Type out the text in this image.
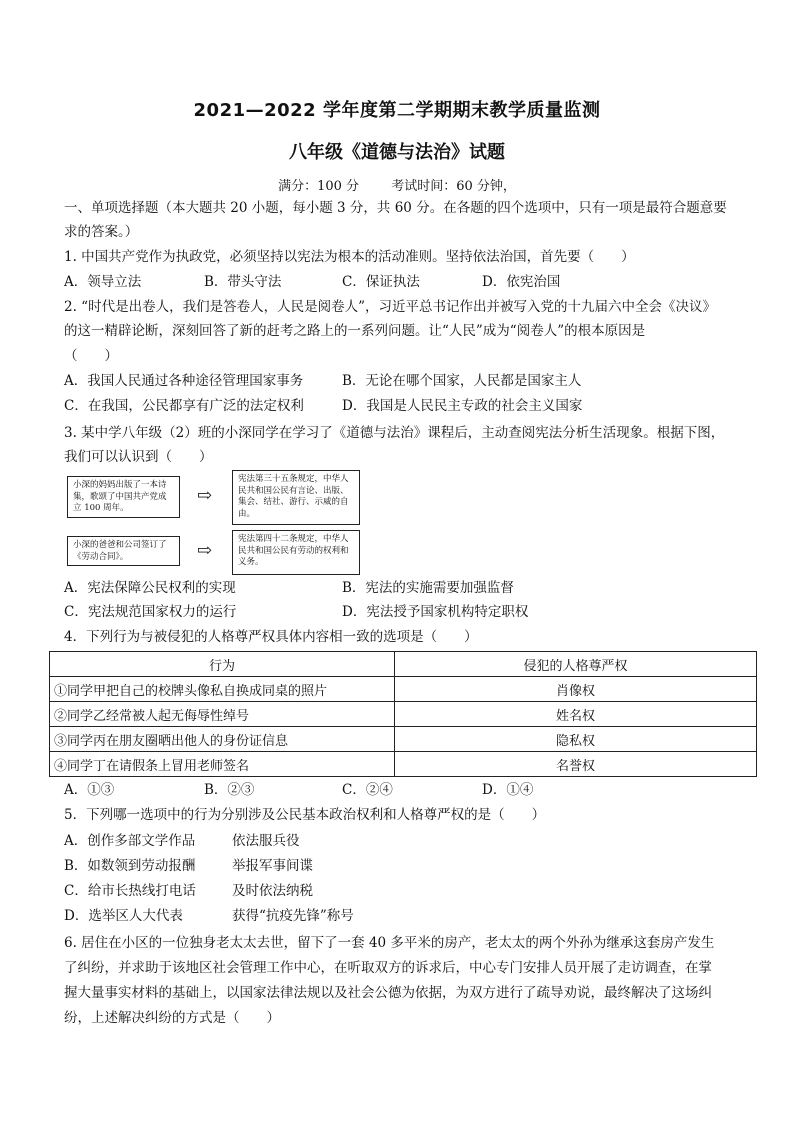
2021—2022 学年度第二学期期末教学质量监测
八年级《道德与法治》试题
满分：100 分 考试时间：60 分钟，
一、单项选择题（本大题共 20 小题，每小题 3 分，共 60 分。在各题的四个选项中，只有一项是最符合题意要
求的答案。）
1. 中国共产党作为执政党，必须坚持以宪法为根本的活动准则。坚持依法治国，首先要（　　）
A．领导立法	B．带头守法	C．保证执法	D．依宪治国
2. “时代是出卷人，我们是答卷人，人民是阅卷人”，习近平总书记作出并被写入党的十九届六中全会《决议》
的这一精辟论断，深刻回答了新的赶考之路上的一系列问题。让“人民”成为“阅卷人”的根本原因是
（　　）
A．我国人民通过各种途径管理国家事务	B．无论在哪个国家，人民都是国家主人
C．在我国，公民都享有广泛的法定权利	D．我国是人民民主专政的社会主义国家
3. 某中学八年级（2）班的小深同学在学习了《道德与法治》课程后，主动查阅宪法分析生活现象。根据下图，
我们可以认识到（　　）
小深的妈妈出版了一本诗集，歌颂了中国共产党成立 100 周年。
⇨
宪法第三十五条规定，中华人民共和国公民有言论、出版、集会、结社、游行、示威的自由。
小深的爸爸和公司签订了《劳动合同》。	⇨
宪法第四十二条规定，中华人民共和国公民有劳动的权利和义务。
A．宪法保障公民权利的实现	B．宪法的实施需要加强监督
C．宪法规范国家权力的运行	D．宪法授予国家机构特定职权
4．下列行为与被侵犯的人格尊严权具体内容相一致的选项是（　　）
行为	侵犯的人格尊严权
①同学甲把自己的校牌头像私自换成同桌的照片	肖像权
②同学乙经常被人起无侮辱性绰号	姓名权
③同学丙在朋友圈晒出他人的身份证信息	隐私权
④同学丁在请假条上冒用老师签名	名誉权
A．①③	B．②③	C．②④	D．①④
5．下列哪一选项中的行为分别涉及公民基本政治权利和人格尊严权的是（　　）
A．创作多部文学作品	依法服兵役
B．如数领到劳动报酬	举报军事间谍
C．给市长热线打电话	及时依法纳税
D．选举区人大代表	获得“抗疫先锋”称号
6. 居住在小区的一位独身老太太去世，留下了一套 40 多平米的房产，老太太的两个外孙为继承这套房产发生
了纠纷，并求助于该地区社会管理工作中心，在听取双方的诉求后，中心专门安排人员开展了走访调查，在掌
握大量事实材料的基础上，以国家法律法规以及社会公德为依据，为双方进行了疏导劝说，最终解决了这场纠
纷，上述解决纠纷的方式是（　　）
